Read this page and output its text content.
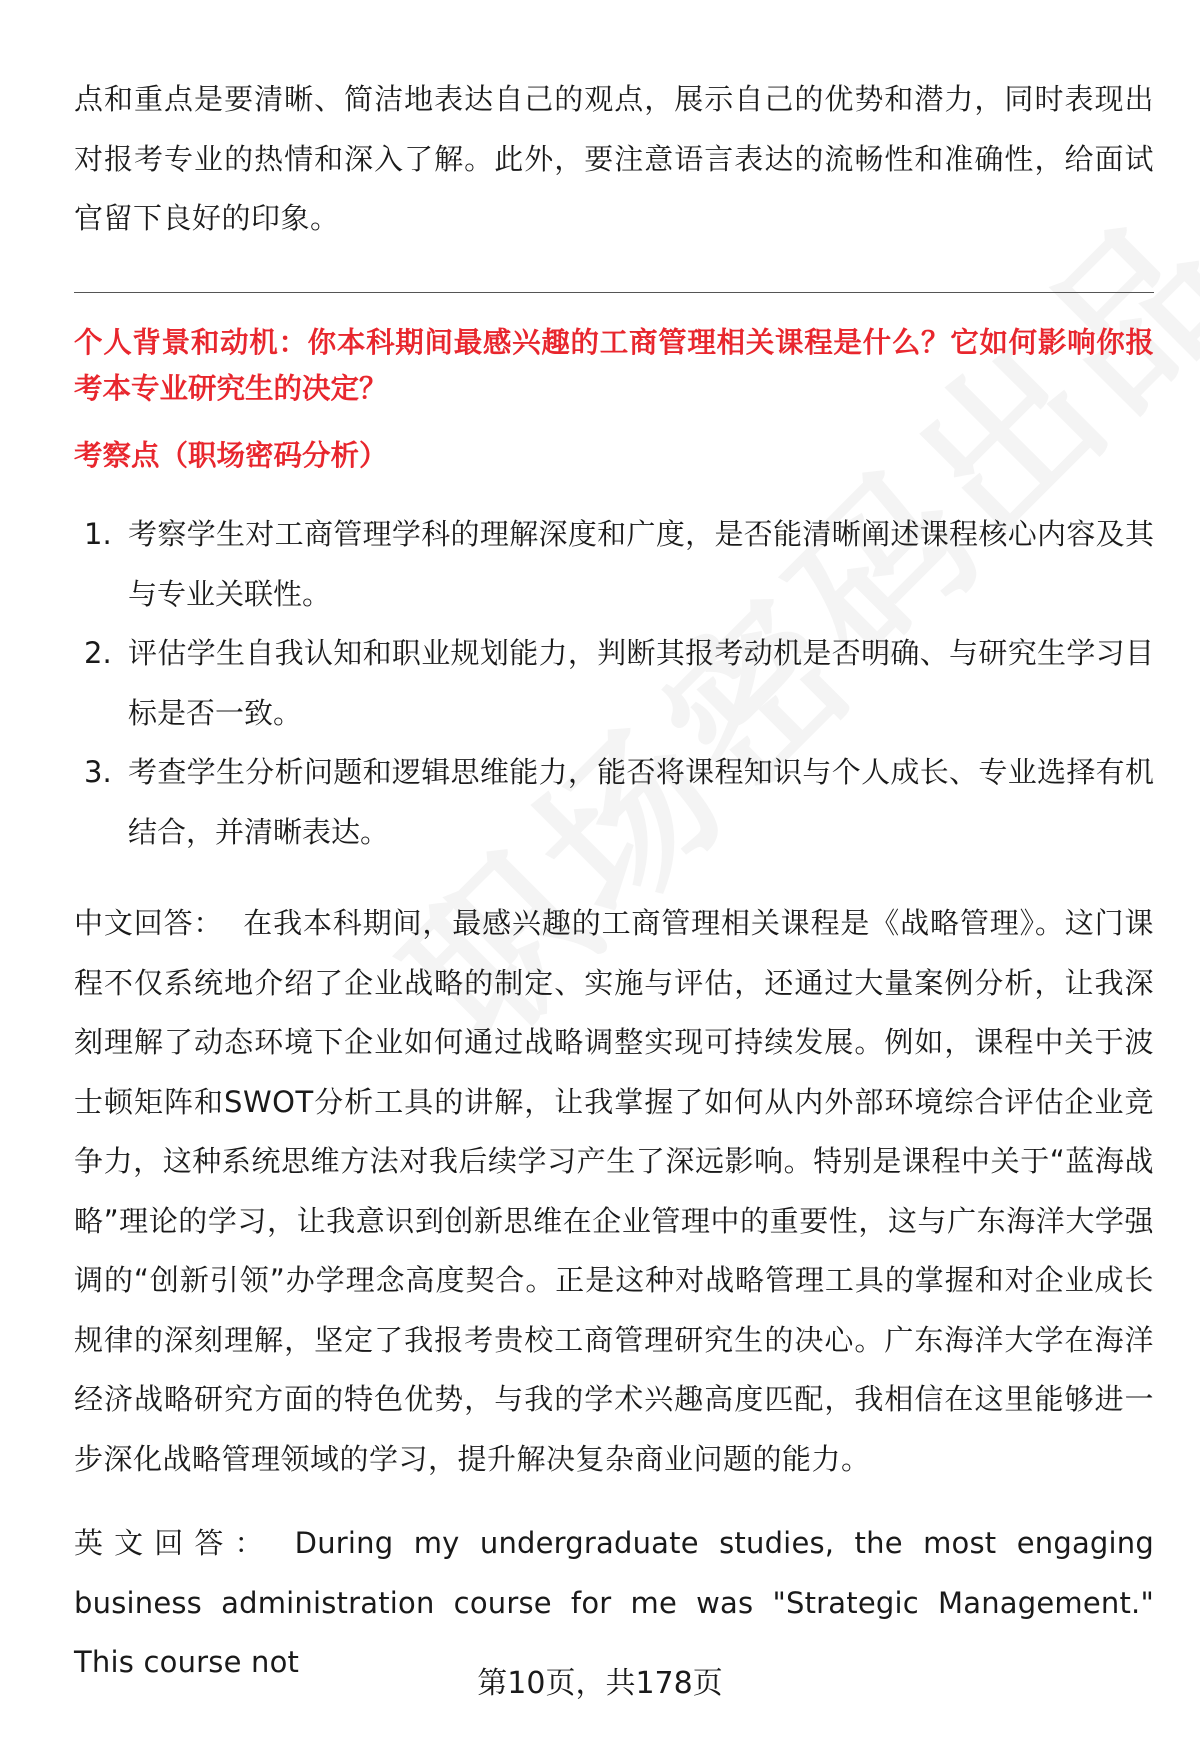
点和重点是要清晰、简洁地表达自己的观点，展示自己的优势和潜力，同时表现出对报考专业的热情和深入了解。此外，要注意语言表达的流畅性和准确性，给面试官留下良好的印象。

个人背景和动机：你本科期间最感兴趣的工商管理相关课程是什么？它如何影响你报考本专业研究生的决定？

考察点（职场密码分析）

1. 考察学生对工商管理学科的理解深度和广度，是否能清晰阐述课程核心内容及其与专业关联性。
2. 评估学生自我认知和职业规划能力，判断其报考动机是否明确、与研究生学习目标是否一致。
3. 考查学生分析问题和逻辑思维能力，能否将课程知识与个人成长、专业选择有机结合，并清晰表达。

中文回答： 在我本科期间，最感兴趣的工商管理相关课程是《战略管理》。这门课程不仅系统地介绍了企业战略的制定、实施与评估，还通过大量案例分析，让我深刻理解了动态环境下企业如何通过战略调整实现可持续发展。例如，课程中关于波士顿矩阵和SWOT分析工具的讲解，让我掌握了如何从内外部环境综合评估企业竞争力，这种系统思维方法对我后续学习产生了深远影响。特别是课程中关于“蓝海战略”理论的学习，让我意识到创新思维在企业管理中的重要性，这与广东海洋大学强调的“创新引领”办学理念高度契合。正是这种对战略管理工具的掌握和对企业成长规律的深刻理解，坚定了我报考贵校工商管理研究生的决心。广东海洋大学在海洋经济战略研究方面的特色优势，与我的学术兴趣高度匹配，我相信在这里能够进一步深化战略管理领域的学习，提升解决复杂商业问题的能力。

英文回答： During my undergraduate studies, the most engaging business administration course for me was "Strategic Management." This course not

第10页，共178页
